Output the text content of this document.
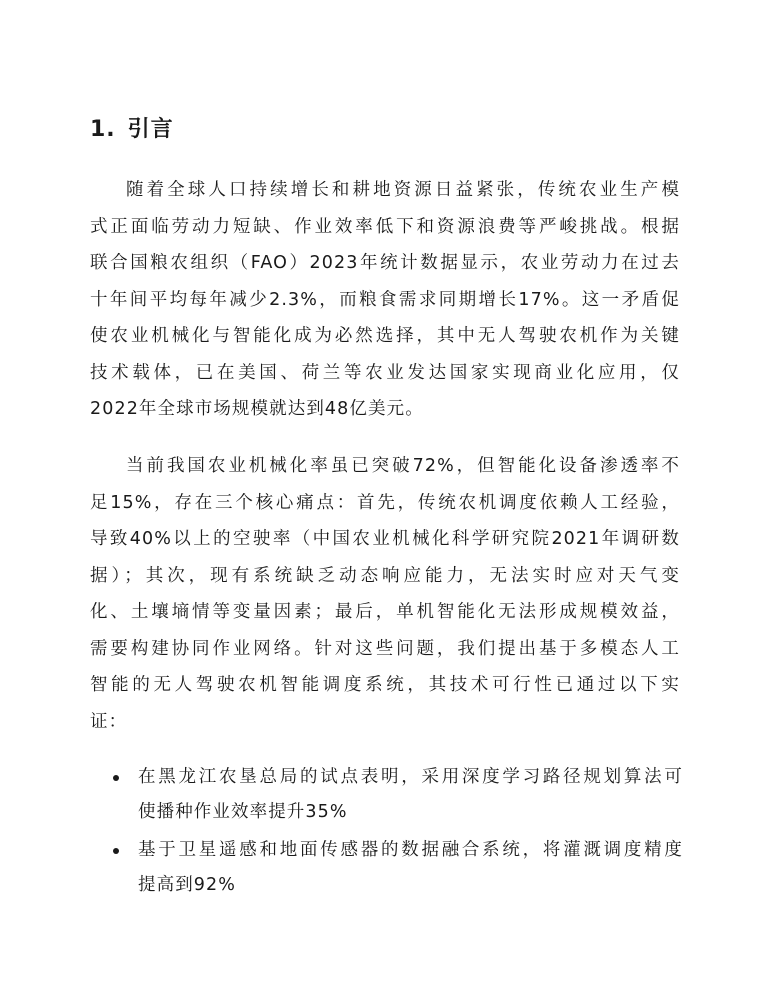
1. 引言
随着全球人口持续增长和耕地资源日益紧张，传统农业生产模
式正面临劳动力短缺、作业效率低下和资源浪费等严峻挑战。根据
联合国粮农组织（FAO）2023年统计数据显示，农业劳动力在过去
十年间平均每年减少2.3%，而粮食需求同期增长17%。这一矛盾促
使农业机械化与智能化成为必然选择，其中无人驾驶农机作为关键
技术载体，已在美国、荷兰等农业发达国家实现商业化应用，仅
2022年全球市场规模就达到48亿美元。
当前我国农业机械化率虽已突破72%，但智能化设备渗透率不
足15%，存在三个核心痛点：首先，传统农机调度依赖人工经验，
导致40%以上的空驶率（中国农业机械化科学研究院2021年调研数
据）；其次，现有系统缺乏动态响应能力，无法实时应对天气变
化、土壤墒情等变量因素；最后，单机智能化无法形成规模效益，
需要构建协同作业网络。针对这些问题，我们提出基于多模态人工
智能的无人驾驶农机智能调度系统，其技术可行性已通过以下实
证：
在黑龙江农垦总局的试点表明，采用深度学习路径规划算法可
使播种作业效率提升35%
基于卫星遥感和地面传感器的数据融合系统，将灌溉调度精度
提高到92%
